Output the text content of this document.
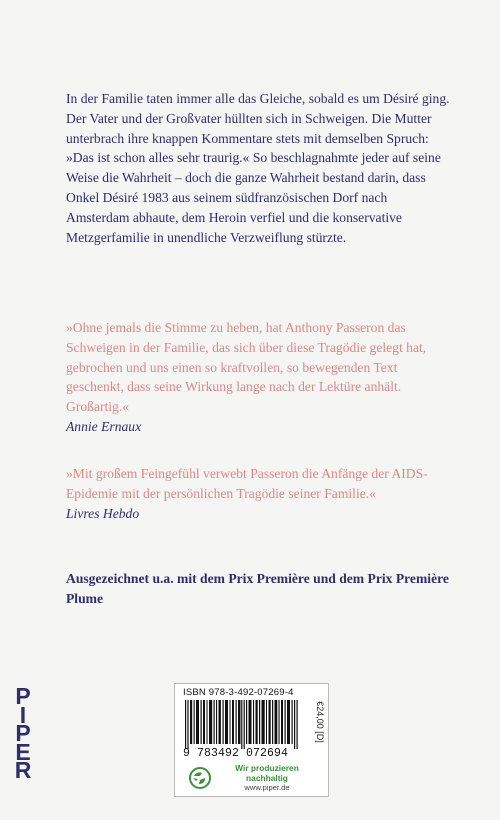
In der Familie taten immer alle das Gleiche, sobald es um Désiré ging. Der Vater und der Großvater hüllten sich in Schweigen. Die Mutter unterbrach ihre knappen Kommentare stets mit demselben Spruch: »Das ist schon alles sehr traurig.« So beschlagnahmte jeder auf seine Weise die Wahrheit – doch die ganze Wahrheit bestand darin, dass Onkel Désiré 1983 aus seinem südfranzösischen Dorf nach Amsterdam abhaute, dem Heroin verfiel und die konservative Metzgerfamilie in unendliche Verzweiflung stürzte.

»Ohne jemals die Stimme zu heben, hat Anthony Passeron das Schweigen in der Familie, das sich über diese Tragödie gelegt hat, gebrochen und uns einen so kraftvollen, so bewegenden Text geschenkt, dass seine Wirkung lange nach der Lektüre anhält. Großartig.«
Annie Ernaux

»Mit großem Feingefühl verwebt Passeron die Anfänge der AIDS-Epidemie mit der persönlichen Tragödie seiner Familie.«
Livres Hebdo

Ausgezeichnet u.a. mit dem Prix Première und dem Prix Première Plume

P
I
P
E
R
ISBN 978-3-492-07269-4
€24,00 [D]
9 783492 072694
Wir produzieren
nachhaltig
www.piper.de
